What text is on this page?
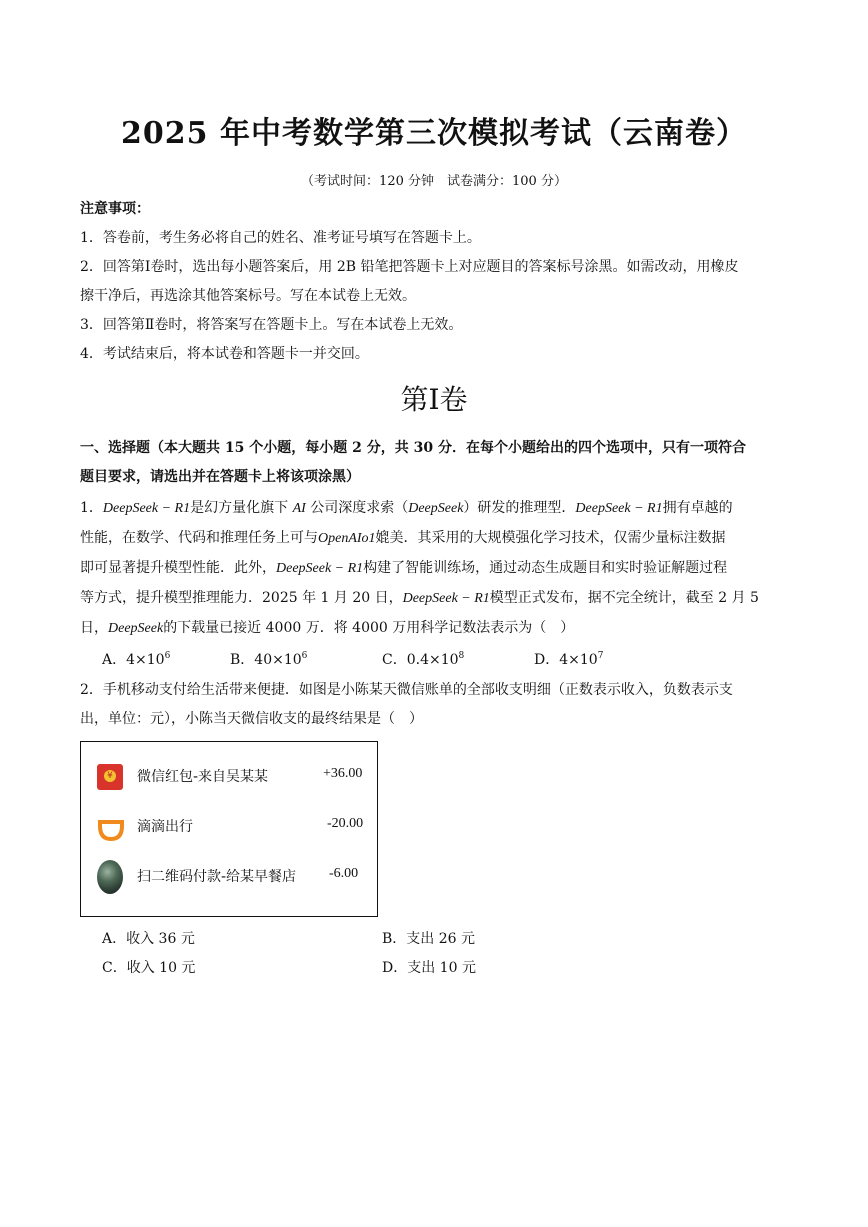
2025 年中考数学第三次模拟考试（云南卷）
（考试时间：120 分钟　试卷满分：100 分）
注意事项：
1．答卷前，考生务必将自己的姓名、准考证号填写在答题卡上。
2．回答第Ⅰ卷时，选出每小题答案后，用 2B 铅笔把答题卡上对应题目的答案标号涂黑。如需改动，用橡皮
擦干净后，再选涂其他答案标号。写在本试卷上无效。
3．回答第Ⅱ卷时，将答案写在答题卡上。写在本试卷上无效。
4．考试结束后，将本试卷和答题卡一并交回。
第Ⅰ卷
一、选择题（本大题共 15 个小题，每小题 2 分，共 30 分．在每个小题给出的四个选项中，只有一项符合
题目要求，请选出并在答题卡上将该项涂黑）
1．DeepSeek − R1是幻方量化旗下 AI 公司深度求索（DeepSeek）研发的推理型．DeepSeek − R1拥有卓越的
性能，在数学、代码和推理任务上可与OpenAIo1媲美．其采用的大规模强化学习技术，仅需少量标注数据
即可显著提升模型性能．此外，DeepSeek − R1构建了智能训练场，通过动态生成题目和实时验证解题过程
等方式，提升模型推理能力．2025 年 1 月 20 日，DeepSeek − R1模型正式发布，据不完全统计，截至 2 月 5
日，DeepSeek的下载量已接近 4000 万．将 4000 万用科学记数法表示为（　）
A．$4\times 10^6$	B．$40\times 10^6$	C．$0.4\times 10^8$	D．$4\times 10^7$
2．手机移动支付给生活带来便捷．如图是小陈某天微信账单的全部收支明细（正数表示收入，负数表示支
出，单位：元），小陈当天微信收支的最终结果是（　）
¥ 微信红包-来自吴某某	+36.00
滴滴出行	-20.00
扫二维码付款-给某早餐店 -6.00
A．收入 36 元	B．支出 26 元
C．收入 10 元	D．支出 10 元
